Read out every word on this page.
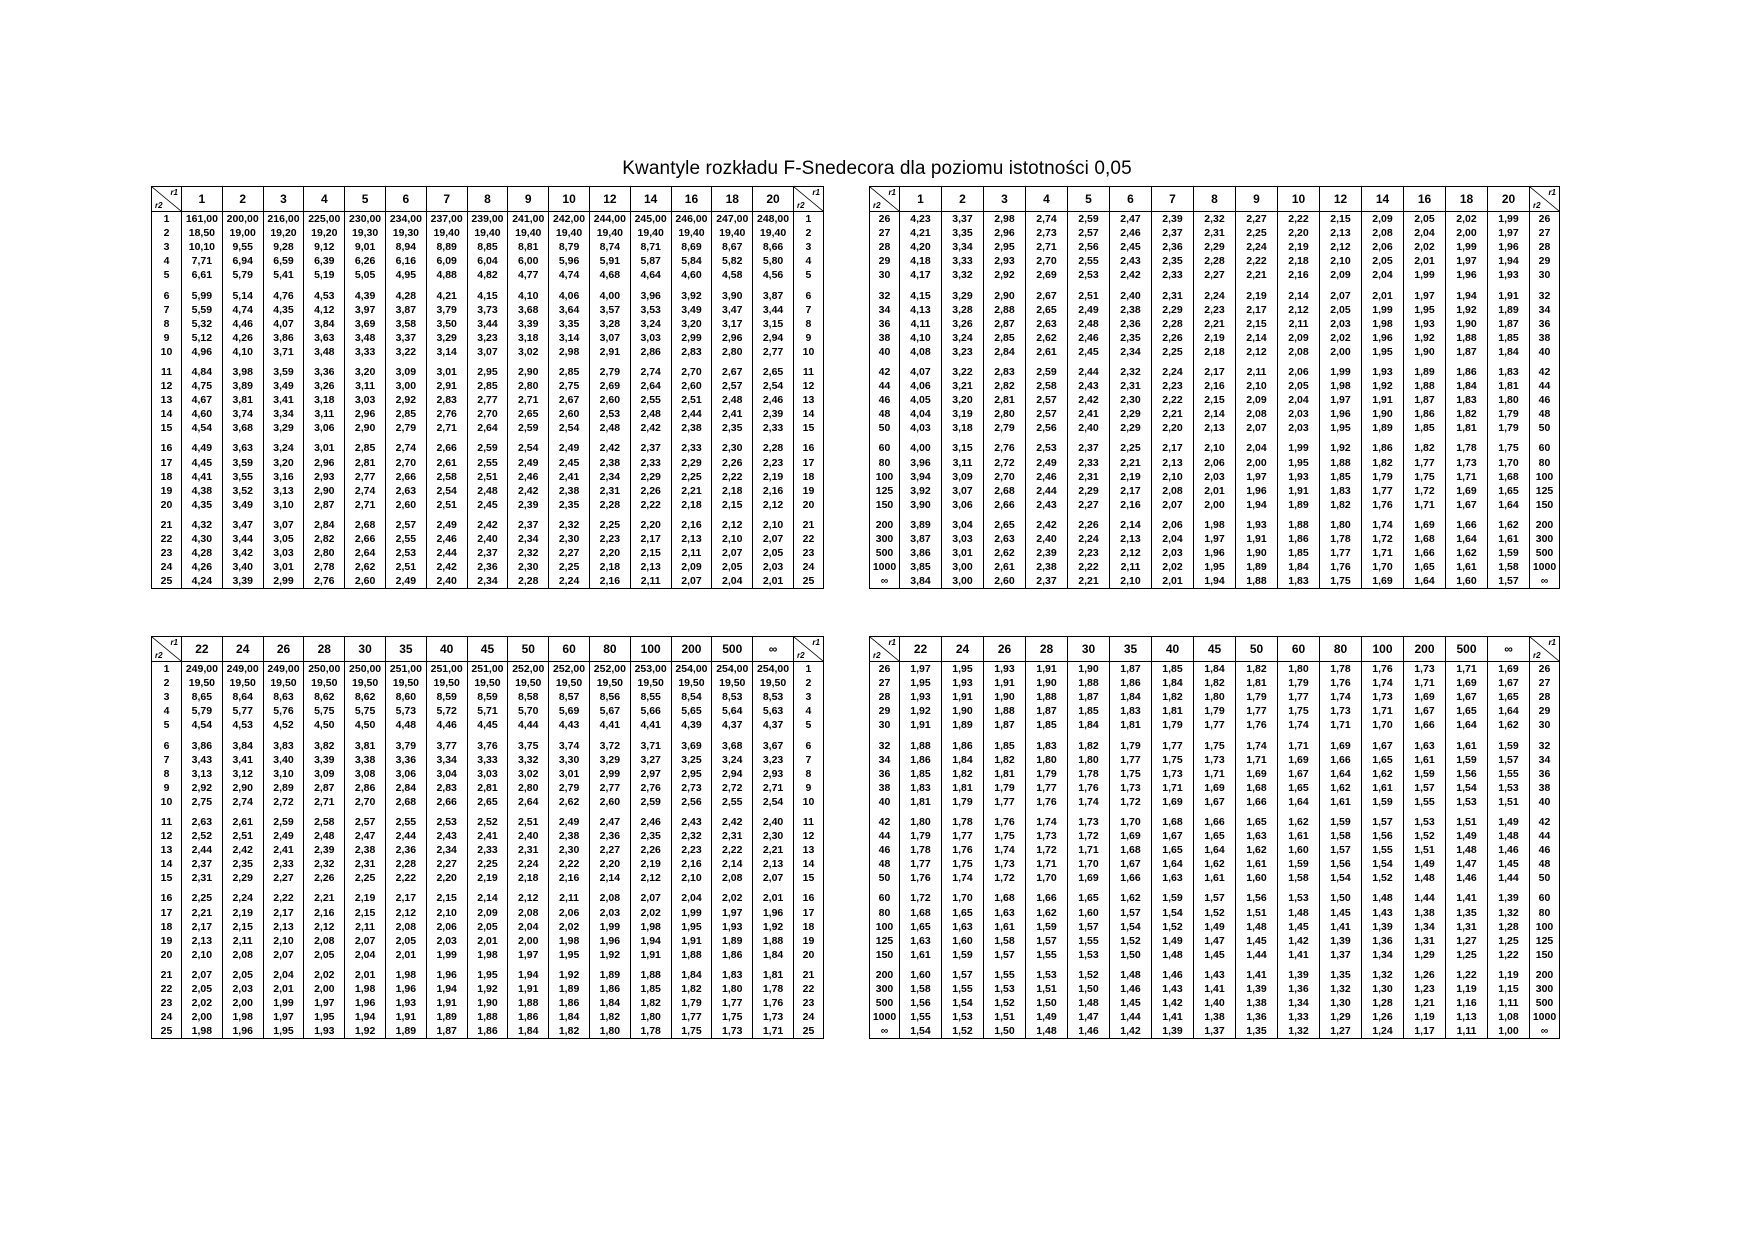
Kwantyle rozkładu F-Snedecora dla poziomu istotności 0,05
r1
r2	1	2	3	4	5	6	7	8	9	10	12	14	16	18	20	r1
r2

1	161,00	200,00	216,00	225,00	230,00	234,00	237,00	239,00	241,00	242,00	244,00	245,00	246,00	247,00	248,00	1
2	18,50	19,00	19,20	19,20	19,30	19,30	19,40	19,40	19,40	19,40	19,40	19,40	19,40	19,40	19,40	2
3	10,10	9,55	9,28	9,12	9,01	8,94	8,89	8,85	8,81	8,79	8,74	8,71	8,69	8,67	8,66	3
4	7,71	6,94	6,59	6,39	6,26	6,16	6,09	6,04	6,00	5,96	5,91	5,87	5,84	5,82	5,80	4
5	6,61	5,79	5,41	5,19	5,05	4,95	4,88	4,82	4,77	4,74	4,68	4,64	4,60	4,58	4,56	5
6	5,99	5,14	4,76	4,53	4,39	4,28	4,21	4,15	4,10	4,06	4,00	3,96	3,92	3,90	3,87	6
7	5,59	4,74	4,35	4,12	3,97	3,87	3,79	3,73	3,68	3,64	3,57	3,53	3,49	3,47	3,44	7
8	5,32	4,46	4,07	3,84	3,69	3,58	3,50	3,44	3,39	3,35	3,28	3,24	3,20	3,17	3,15	8
9	5,12	4,26	3,86	3,63	3,48	3,37	3,29	3,23	3,18	3,14	3,07	3,03	2,99	2,96	2,94	9
10	4,96	4,10	3,71	3,48	3,33	3,22	3,14	3,07	3,02	2,98	2,91	2,86	2,83	2,80	2,77	10
11	4,84	3,98	3,59	3,36	3,20	3,09	3,01	2,95	2,90	2,85	2,79	2,74	2,70	2,67	2,65	11
12	4,75	3,89	3,49	3,26	3,11	3,00	2,91	2,85	2,80	2,75	2,69	2,64	2,60	2,57	2,54	12
13	4,67	3,81	3,41	3,18	3,03	2,92	2,83	2,77	2,71	2,67	2,60	2,55	2,51	2,48	2,46	13
14	4,60	3,74	3,34	3,11	2,96	2,85	2,76	2,70	2,65	2,60	2,53	2,48	2,44	2,41	2,39	14
15	4,54	3,68	3,29	3,06	2,90	2,79	2,71	2,64	2,59	2,54	2,48	2,42	2,38	2,35	2,33	15
16	4,49	3,63	3,24	3,01	2,85	2,74	2,66	2,59	2,54	2,49	2,42	2,37	2,33	2,30	2,28	16
17	4,45	3,59	3,20	2,96	2,81	2,70	2,61	2,55	2,49	2,45	2,38	2,33	2,29	2,26	2,23	17
18	4,41	3,55	3,16	2,93	2,77	2,66	2,58	2,51	2,46	2,41	2,34	2,29	2,25	2,22	2,19	18
19	4,38	3,52	3,13	2,90	2,74	2,63	2,54	2,48	2,42	2,38	2,31	2,26	2,21	2,18	2,16	19
20	4,35	3,49	3,10	2,87	2,71	2,60	2,51	2,45	2,39	2,35	2,28	2,22	2,18	2,15	2,12	20
21	4,32	3,47	3,07	2,84	2,68	2,57	2,49	2,42	2,37	2,32	2,25	2,20	2,16	2,12	2,10	21
22	4,30	3,44	3,05	2,82	2,66	2,55	2,46	2,40	2,34	2,30	2,23	2,17	2,13	2,10	2,07	22
23	4,28	3,42	3,03	2,80	2,64	2,53	2,44	2,37	2,32	2,27	2,20	2,15	2,11	2,07	2,05	23
24	4,26	3,40	3,01	2,78	2,62	2,51	2,42	2,36	2,30	2,25	2,18	2,13	2,09	2,05	2,03	24
25	4,24	3,39	2,99	2,76	2,60	2,49	2,40	2,34	2,28	2,24	2,16	2,11	2,07	2,04	2,01	25
r1
r2	1	2	3	4	5	6	7	8	9	10	12	14	16	18	20	r1
r2

26	4,23	3,37	2,98	2,74	2,59	2,47	2,39	2,32	2,27	2,22	2,15	2,09	2,05	2,02	1,99	26
27	4,21	3,35	2,96	2,73	2,57	2,46	2,37	2,31	2,25	2,20	2,13	2,08	2,04	2,00	1,97	27
28	4,20	3,34	2,95	2,71	2,56	2,45	2,36	2,29	2,24	2,19	2,12	2,06	2,02	1,99	1,96	28
29	4,18	3,33	2,93	2,70	2,55	2,43	2,35	2,28	2,22	2,18	2,10	2,05	2,01	1,97	1,94	29
30	4,17	3,32	2,92	2,69	2,53	2,42	2,33	2,27	2,21	2,16	2,09	2,04	1,99	1,96	1,93	30
32	4,15	3,29	2,90	2,67	2,51	2,40	2,31	2,24	2,19	2,14	2,07	2,01	1,97	1,94	1,91	32
34	4,13	3,28	2,88	2,65	2,49	2,38	2,29	2,23	2,17	2,12	2,05	1,99	1,95	1,92	1,89	34
36	4,11	3,26	2,87	2,63	2,48	2,36	2,28	2,21	2,15	2,11	2,03	1,98	1,93	1,90	1,87	36
38	4,10	3,24	2,85	2,62	2,46	2,35	2,26	2,19	2,14	2,09	2,02	1,96	1,92	1,88	1,85	38
40	4,08	3,23	2,84	2,61	2,45	2,34	2,25	2,18	2,12	2,08	2,00	1,95	1,90	1,87	1,84	40
42	4,07	3,22	2,83	2,59	2,44	2,32	2,24	2,17	2,11	2,06	1,99	1,93	1,89	1,86	1,83	42
44	4,06	3,21	2,82	2,58	2,43	2,31	2,23	2,16	2,10	2,05	1,98	1,92	1,88	1,84	1,81	44
46	4,05	3,20	2,81	2,57	2,42	2,30	2,22	2,15	2,09	2,04	1,97	1,91	1,87	1,83	1,80	46
48	4,04	3,19	2,80	2,57	2,41	2,29	2,21	2,14	2,08	2,03	1,96	1,90	1,86	1,82	1,79	48
50	4,03	3,18	2,79	2,56	2,40	2,29	2,20	2,13	2,07	2,03	1,95	1,89	1,85	1,81	1,79	50
60	4,00	3,15	2,76	2,53	2,37	2,25	2,17	2,10	2,04	1,99	1,92	1,86	1,82	1,78	1,75	60
80	3,96	3,11	2,72	2,49	2,33	2,21	2,13	2,06	2,00	1,95	1,88	1,82	1,77	1,73	1,70	80
100	3,94	3,09	2,70	2,46	2,31	2,19	2,10	2,03	1,97	1,93	1,85	1,79	1,75	1,71	1,68	100
125	3,92	3,07	2,68	2,44	2,29	2,17	2,08	2,01	1,96	1,91	1,83	1,77	1,72	1,69	1,65	125
150	3,90	3,06	2,66	2,43	2,27	2,16	2,07	2,00	1,94	1,89	1,82	1,76	1,71	1,67	1,64	150
200	3,89	3,04	2,65	2,42	2,26	2,14	2,06	1,98	1,93	1,88	1,80	1,74	1,69	1,66	1,62	200
300	3,87	3,03	2,63	2,40	2,24	2,13	2,04	1,97	1,91	1,86	1,78	1,72	1,68	1,64	1,61	300
500	3,86	3,01	2,62	2,39	2,23	2,12	2,03	1,96	1,90	1,85	1,77	1,71	1,66	1,62	1,59	500
1000	3,85	3,00	2,61	2,38	2,22	2,11	2,02	1,95	1,89	1,84	1,76	1,70	1,65	1,61	1,58	1000
∞	3,84	3,00	2,60	2,37	2,21	2,10	2,01	1,94	1,88	1,83	1,75	1,69	1,64	1,60	1,57	∞
r1
r2	22	24	26	28	30	35	40	45	50	60	80	100	200	500	∞	r1
r2

1	249,00	249,00	249,00	250,00	250,00	251,00	251,00	251,00	252,00	252,00	252,00	253,00	254,00	254,00	254,00	1
2	19,50	19,50	19,50	19,50	19,50	19,50	19,50	19,50	19,50	19,50	19,50	19,50	19,50	19,50	19,50	2
3	8,65	8,64	8,63	8,62	8,62	8,60	8,59	8,59	8,58	8,57	8,56	8,55	8,54	8,53	8,53	3
4	5,79	5,77	5,76	5,75	5,75	5,73	5,72	5,71	5,70	5,69	5,67	5,66	5,65	5,64	5,63	4
5	4,54	4,53	4,52	4,50	4,50	4,48	4,46	4,45	4,44	4,43	4,41	4,41	4,39	4,37	4,37	5
6	3,86	3,84	3,83	3,82	3,81	3,79	3,77	3,76	3,75	3,74	3,72	3,71	3,69	3,68	3,67	6
7	3,43	3,41	3,40	3,39	3,38	3,36	3,34	3,33	3,32	3,30	3,29	3,27	3,25	3,24	3,23	7
8	3,13	3,12	3,10	3,09	3,08	3,06	3,04	3,03	3,02	3,01	2,99	2,97	2,95	2,94	2,93	8
9	2,92	2,90	2,89	2,87	2,86	2,84	2,83	2,81	2,80	2,79	2,77	2,76	2,73	2,72	2,71	9
10	2,75	2,74	2,72	2,71	2,70	2,68	2,66	2,65	2,64	2,62	2,60	2,59	2,56	2,55	2,54	10
11	2,63	2,61	2,59	2,58	2,57	2,55	2,53	2,52	2,51	2,49	2,47	2,46	2,43	2,42	2,40	11
12	2,52	2,51	2,49	2,48	2,47	2,44	2,43	2,41	2,40	2,38	2,36	2,35	2,32	2,31	2,30	12
13	2,44	2,42	2,41	2,39	2,38	2,36	2,34	2,33	2,31	2,30	2,27	2,26	2,23	2,22	2,21	13
14	2,37	2,35	2,33	2,32	2,31	2,28	2,27	2,25	2,24	2,22	2,20	2,19	2,16	2,14	2,13	14
15	2,31	2,29	2,27	2,26	2,25	2,22	2,20	2,19	2,18	2,16	2,14	2,12	2,10	2,08	2,07	15
16	2,25	2,24	2,22	2,21	2,19	2,17	2,15	2,14	2,12	2,11	2,08	2,07	2,04	2,02	2,01	16
17	2,21	2,19	2,17	2,16	2,15	2,12	2,10	2,09	2,08	2,06	2,03	2,02	1,99	1,97	1,96	17
18	2,17	2,15	2,13	2,12	2,11	2,08	2,06	2,05	2,04	2,02	1,99	1,98	1,95	1,93	1,92	18
19	2,13	2,11	2,10	2,08	2,07	2,05	2,03	2,01	2,00	1,98	1,96	1,94	1,91	1,89	1,88	19
20	2,10	2,08	2,07	2,05	2,04	2,01	1,99	1,98	1,97	1,95	1,92	1,91	1,88	1,86	1,84	20
21	2,07	2,05	2,04	2,02	2,01	1,98	1,96	1,95	1,94	1,92	1,89	1,88	1,84	1,83	1,81	21
22	2,05	2,03	2,01	2,00	1,98	1,96	1,94	1,92	1,91	1,89	1,86	1,85	1,82	1,80	1,78	22
23	2,02	2,00	1,99	1,97	1,96	1,93	1,91	1,90	1,88	1,86	1,84	1,82	1,79	1,77	1,76	23
24	2,00	1,98	1,97	1,95	1,94	1,91	1,89	1,88	1,86	1,84	1,82	1,80	1,77	1,75	1,73	24
25	1,98	1,96	1,95	1,93	1,92	1,89	1,87	1,86	1,84	1,82	1,80	1,78	1,75	1,73	1,71	25
r1
r2	22	24	26	28	30	35	40	45	50	60	80	100	200	500	∞	r1
r2

26	1,97	1,95	1,93	1,91	1,90	1,87	1,85	1,84	1,82	1,80	1,78	1,76	1,73	1,71	1,69	26
27	1,95	1,93	1,91	1,90	1,88	1,86	1,84	1,82	1,81	1,79	1,76	1,74	1,71	1,69	1,67	27
28	1,93	1,91	1,90	1,88	1,87	1,84	1,82	1,80	1,79	1,77	1,74	1,73	1,69	1,67	1,65	28
29	1,92	1,90	1,88	1,87	1,85	1,83	1,81	1,79	1,77	1,75	1,73	1,71	1,67	1,65	1,64	29
30	1,91	1,89	1,87	1,85	1,84	1,81	1,79	1,77	1,76	1,74	1,71	1,70	1,66	1,64	1,62	30
32	1,88	1,86	1,85	1,83	1,82	1,79	1,77	1,75	1,74	1,71	1,69	1,67	1,63	1,61	1,59	32
34	1,86	1,84	1,82	1,80	1,80	1,77	1,75	1,73	1,71	1,69	1,66	1,65	1,61	1,59	1,57	34
36	1,85	1,82	1,81	1,79	1,78	1,75	1,73	1,71	1,69	1,67	1,64	1,62	1,59	1,56	1,55	36
38	1,83	1,81	1,79	1,77	1,76	1,73	1,71	1,69	1,68	1,65	1,62	1,61	1,57	1,54	1,53	38
40	1,81	1,79	1,77	1,76	1,74	1,72	1,69	1,67	1,66	1,64	1,61	1,59	1,55	1,53	1,51	40
42	1,80	1,78	1,76	1,74	1,73	1,70	1,68	1,66	1,65	1,62	1,59	1,57	1,53	1,51	1,49	42
44	1,79	1,77	1,75	1,73	1,72	1,69	1,67	1,65	1,63	1,61	1,58	1,56	1,52	1,49	1,48	44
46	1,78	1,76	1,74	1,72	1,71	1,68	1,65	1,64	1,62	1,60	1,57	1,55	1,51	1,48	1,46	46
48	1,77	1,75	1,73	1,71	1,70	1,67	1,64	1,62	1,61	1,59	1,56	1,54	1,49	1,47	1,45	48
50	1,76	1,74	1,72	1,70	1,69	1,66	1,63	1,61	1,60	1,58	1,54	1,52	1,48	1,46	1,44	50
60	1,72	1,70	1,68	1,66	1,65	1,62	1,59	1,57	1,56	1,53	1,50	1,48	1,44	1,41	1,39	60
80	1,68	1,65	1,63	1,62	1,60	1,57	1,54	1,52	1,51	1,48	1,45	1,43	1,38	1,35	1,32	80
100	1,65	1,63	1,61	1,59	1,57	1,54	1,52	1,49	1,48	1,45	1,41	1,39	1,34	1,31	1,28	100
125	1,63	1,60	1,58	1,57	1,55	1,52	1,49	1,47	1,45	1,42	1,39	1,36	1,31	1,27	1,25	125
150	1,61	1,59	1,57	1,55	1,53	1,50	1,48	1,45	1,44	1,41	1,37	1,34	1,29	1,25	1,22	150
200	1,60	1,57	1,55	1,53	1,52	1,48	1,46	1,43	1,41	1,39	1,35	1,32	1,26	1,22	1,19	200
300	1,58	1,55	1,53	1,51	1,50	1,46	1,43	1,41	1,39	1,36	1,32	1,30	1,23	1,19	1,15	300
500	1,56	1,54	1,52	1,50	1,48	1,45	1,42	1,40	1,38	1,34	1,30	1,28	1,21	1,16	1,11	500
1000	1,55	1,53	1,51	1,49	1,47	1,44	1,41	1,38	1,36	1,33	1,29	1,26	1,19	1,13	1,08	1000
∞	1,54	1,52	1,50	1,48	1,46	1,42	1,39	1,37	1,35	1,32	1,27	1,24	1,17	1,11	1,00	∞
